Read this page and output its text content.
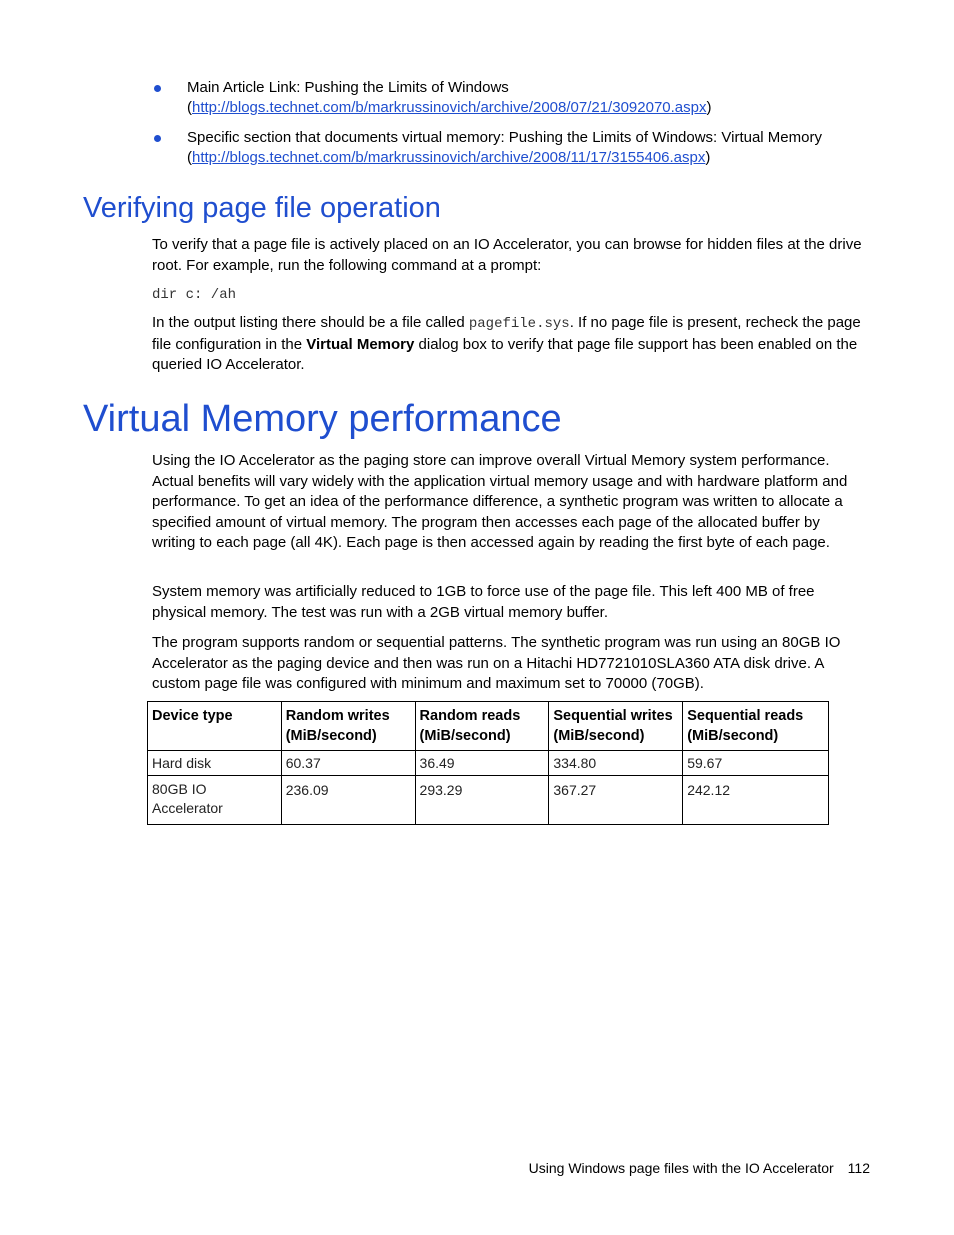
Main Article Link: Pushing the Limits of Windows
(http://blogs.technet.com/b/markrussinovich/archive/2008/07/21/3092070.aspx)
Specific section that documents virtual memory: Pushing the Limits of Windows: Virtual Memory
(http://blogs.technet.com/b/markrussinovich/archive/2008/11/17/3155406.aspx)
Verifying page file operation

To verify that a page file is actively placed on an IO Accelerator, you can browse for hidden files at the drive root. For example, run the following command at a prompt:

dir c: /ah

In the output listing there should be a file called pagefile.sys. If no page file is present, recheck the page file configuration in the Virtual Memory dialog box to verify that page file support has been enabled on the queried IO Accelerator.

Virtual Memory performance

Using the IO Accelerator as the paging store can improve overall Virtual Memory system performance. Actual benefits will vary widely with the application virtual memory usage and with hardware platform and performance. To get an idea of the performance difference, a synthetic program was written to allocate a specified amount of virtual memory. The program then accesses each page of the allocated buffer by writing to each page (all 4K). Each page is then accessed again by reading the first byte of each page.

System memory was artificially reduced to 1GB to force use of the page file. This left 400 MB of free physical memory. The test was run with a 2GB virtual memory buffer.

The program supports random or sequential patterns. The synthetic program was run using an 80GB IO Accelerator as the paging device and then was run on a Hitachi HD7721010SLA360 ATA disk drive. A custom page file was configured with minimum and maximum set to 70000 (70GB).

Device type	Random writes (MiB/second)	Random reads (MiB/second)	Sequential writes (MiB/second)	Sequential reads (MiB/second)
Hard disk	60.37	36.49	334.80	59.67
80GB IO Accelerator	236.09	293.29	367.27	242.12
Using Windows page files with the IO Accelerator 112
